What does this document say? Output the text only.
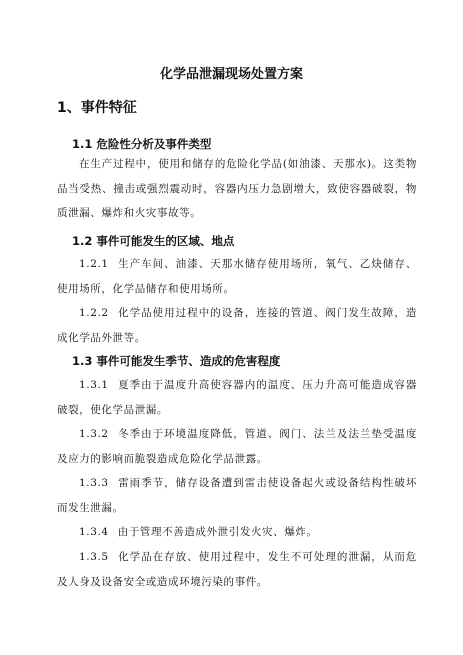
化学品泄漏现场处置方案
1、事件特征
1.1 危险性分析及事件类型
在生产过程中，使用和储存的危险化学品(如油漆、天那水)。这类物品当受热、撞击或强烈震动时，容器内压力急剧增大，致使容器破裂，物质泄漏、爆炸和火灾事故等。
1.2 事件可能发生的区域、地点
1.2.1 生产车间、油漆、天那水储存使用场所，氧气、乙炔储存、使用场所，化学品储存和使用场所。
1.2.2 化学品使用过程中的设备，连接的管道、阀门发生故障，造成化学品外泄等。
1.3 事件可能发生季节、造成的危害程度
1.3.1 夏季由于温度升高使容器内的温度、压力升高可能造成容器破裂，使化学品泄漏。
1.3.2 冬季由于环境温度降低，管道、阀门、法兰及法兰垫受温度及应力的影响而脆裂造成危险化学品泄露。
1.3.3 雷雨季节，储存设备遭到雷击使设备起火或设备结构性破坏而发生泄漏。
1.3.4 由于管理不善造成外泄引发火灾、爆炸。
1.3.5 化学品在存放、使用过程中，发生不可处理的泄漏，从而危及人身及设备安全或造成环境污染的事件。
